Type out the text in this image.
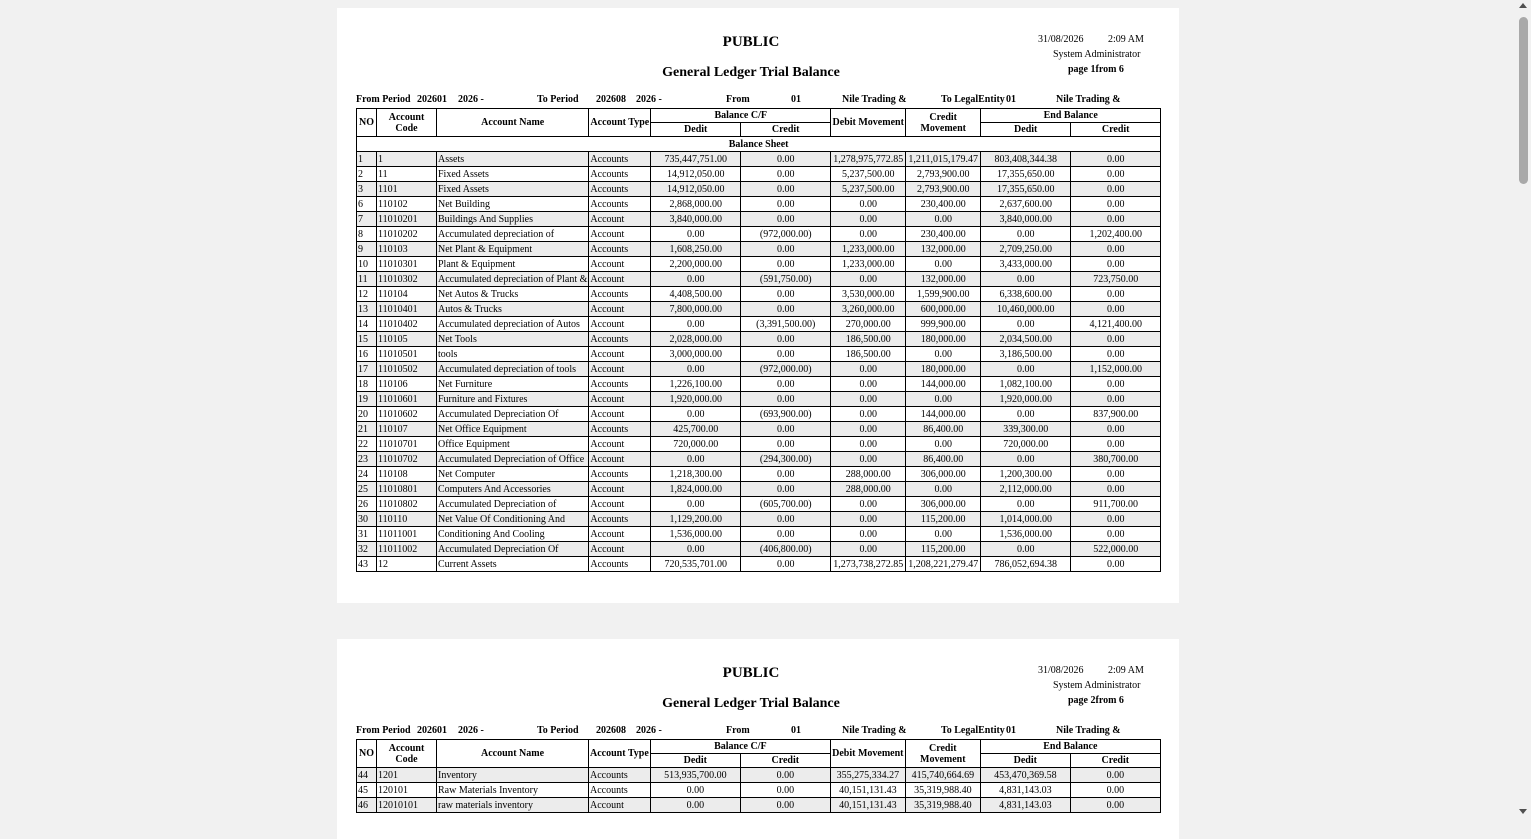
PUBLIC
General Ledger Trial Balance
31/08/2026 2:09 AM
System Administrator
page 1from 6
From Period 202601 2026 -	To Period 202608 2026 -	From	01	Nile Trading &	To LegalEntity 01	Nile Trading &
NO	Account Code	Account Name	Account Type	Balance C/F		Debit Movement	Credit Movement	End Balance	
				Dedit	Credit			Dedit	Credit
Balance Sheet									
1	1	Assets	Accounts	735,447,751.00	0.00	1,278,975,772.85	1,211,015,179.47	803,408,344.38	0.00
2	11	Fixed Assets	Accounts	14,912,050.00	0.00	5,237,500.00	2,793,900.00	17,355,650.00	0.00
3	1101	Fixed Assets	Accounts	14,912,050.00	0.00	5,237,500.00	2,793,900.00	17,355,650.00	0.00
6	110102	Net Building	Accounts	2,868,000.00	0.00	0.00	230,400.00	2,637,600.00	0.00
7	11010201	Buildings And Supplies	Account	3,840,000.00	0.00	0.00	0.00	3,840,000.00	0.00
8	11010202	Accumulated depreciation of	Account	0.00	(972,000.00)	0.00	230,400.00	0.00	1,202,400.00
9	110103	Net Plant & Equipment	Accounts	1,608,250.00	0.00	1,233,000.00	132,000.00	2,709,250.00	0.00
10	11010301	Plant & Equipment	Account	2,200,000.00	0.00	1,233,000.00	0.00	3,433,000.00	0.00
11	11010302	Accumulated depreciation of Plant &	Account	0.00	(591,750.00)	0.00	132,000.00	0.00	723,750.00
12	110104	Net Autos & Trucks	Accounts	4,408,500.00	0.00	3,530,000.00	1,599,900.00	6,338,600.00	0.00
13	11010401	Autos & Trucks	Account	7,800,000.00	0.00	3,260,000.00	600,000.00	10,460,000.00	0.00
14	11010402	Accumulated depreciation of Autos	Account	0.00	(3,391,500.00)	270,000.00	999,900.00	0.00	4,121,400.00
15	110105	Net Tools	Accounts	2,028,000.00	0.00	186,500.00	180,000.00	2,034,500.00	0.00
16	11010501	tools	Account	3,000,000.00	0.00	186,500.00	0.00	3,186,500.00	0.00
17	11010502	Accumulated depreciation of tools	Account	0.00	(972,000.00)	0.00	180,000.00	0.00	1,152,000.00
18	110106	Net Furniture	Accounts	1,226,100.00	0.00	0.00	144,000.00	1,082,100.00	0.00
19	11010601	Furniture and Fixtures	Account	1,920,000.00	0.00	0.00	0.00	1,920,000.00	0.00
20	11010602	Accumulated Depreciation Of	Account	0.00	(693,900.00)	0.00	144,000.00	0.00	837,900.00
21	110107	Net Office Equipment	Accounts	425,700.00	0.00	0.00	86,400.00	339,300.00	0.00
22	11010701	Office Equipment	Account	720,000.00	0.00	0.00	0.00	720,000.00	0.00
23	11010702	Accumulated Depreciation of Office	Account	0.00	(294,300.00)	0.00	86,400.00	0.00	380,700.00
24	110108	Net Computer	Accounts	1,218,300.00	0.00	288,000.00	306,000.00	1,200,300.00	0.00
25	11010801	Computers And Accessories	Account	1,824,000.00	0.00	288,000.00	0.00	2,112,000.00	0.00
26	11010802	Accumulated Depreciation of	Account	0.00	(605,700.00)	0.00	306,000.00	0.00	911,700.00
30	110110	Net Value Of Conditioning And	Accounts	1,129,200.00	0.00	0.00	115,200.00	1,014,000.00	0.00
31	11011001	Conditioning And Cooling	Account	1,536,000.00	0.00	0.00	0.00	1,536,000.00	0.00
32	11011002	Accumulated Depreciation Of	Account	0.00	(406,800.00)	0.00	115,200.00	0.00	522,000.00
43	12	Current Assets	Accounts	720,535,701.00	0.00	1,273,738,272.85	1,208,221,279.47	786,052,694.38	0.00
PUBLIC
General Ledger Trial Balance
31/08/2026 2:09 AM
System Administrator
page 2from 6
From Period 202601 2026 -	To Period 202608 2026 -	From	01	Nile Trading &	To LegalEntity 01	Nile Trading &
NO	Account Code	Account Name	Account Type	Balance C/F		Debit Movement	Credit Movement	End Balance	
				Dedit	Credit			Dedit	Credit
44	1201	Inventory	Accounts	513,935,700.00	0.00	355,275,334.27	415,740,664.69	453,470,369.58	0.00
45	120101	Raw Materials Inventory	Accounts	0.00	0.00	40,151,131.43	35,319,988.40	4,831,143.03	0.00
46	12010101	raw materials inventory	Account	0.00	0.00	40,151,131.43	35,319,988.40	4,831,143.03	0.00
